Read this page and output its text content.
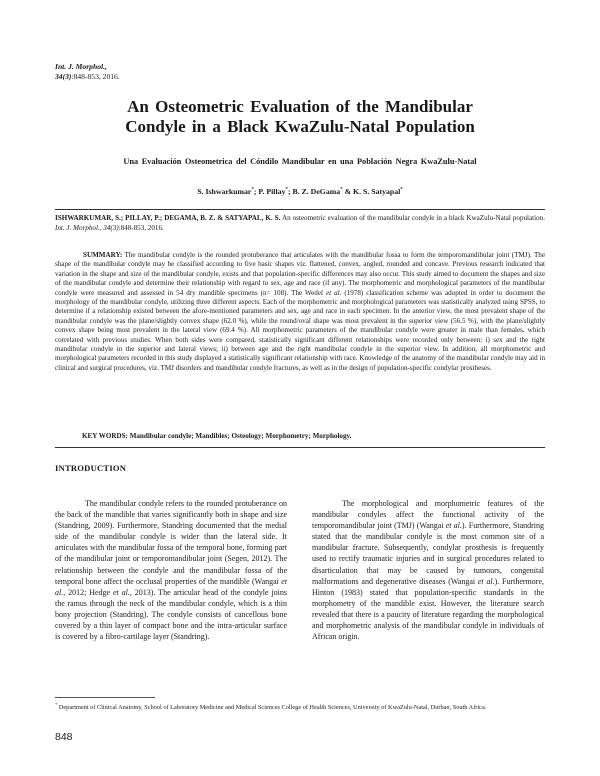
Int. J. Morphol.,
34(3):848-853, 2016.
An Osteometric Evaluation of the Mandibular
Condyle in a Black KwaZulu-Natal Population
Una Evaluación Osteometrica del Cóndilo Mandibular en una Población Negra KwaZulu-Natal
S. Ishwarkumar*; P. Pillay*; B. Z. DeGama* & K. S. Satyapal*
ISHWARKUMAR, S.; PILLAY, P.; DEGAMA, B. Z. & SATYAPAL, K. S. An osteometric evaluation of the mandibular condyle in a black KwaZulu-Natal population. Int. J. Morphol., 34(3):848-853, 2016.
SUMMARY: The mandibular condyle is the rounded protuberance that articulates with the mandibular fossa to form the temporomandibular joint (TMJ). The shape of the mandibular condyle may be classified according to five basic shapes viz. flattened, convex, angled, rounded and concave. Previous research indicated that variation in the shape and size of the mandibular condyle, exists and that population-specific differences may also occur. This study aimed to document the shapes and size of the mandibular condyle and determine their relationship with regard to sex, age and race (if any). The morphometric and morphological parameters of the mandibular condyle were measured and assessed in 54 dry mandible specimens (n= 108). The Wedel et al. (1978) classification scheme was adopted in order to document the morphology of the mandibular condyle, utilizing three different aspects. Each of the morphometric and morphological parameters was statistically analyzed using SPSS, to determine if a relationship existed between the afore-mentioned parameters and sex, age and race in each specimen. In the anterior view, the most prevalent shape of the mandibular condyle was the plane/slightly convex shape (62.0 %), while the round/oval shape was most prevalent in the superior view (56.5 %), with the plane/slightly convex shape being most prevalent in the lateral view (69.4 %). All morphometric parameters of the mandibular condyle were greater in male than females, which correlated with previous studies. When both sides were compared, statistically significant different relationships were recorded only between: i) sex and the right mandibular condyle in the superior and lateral views; ii) between age and the right mandibular condyle in the superior view. In addition, all morphometric and morphological parameters recorded in this study displayed a statistically significant relationship with race. Knowledge of the anatomy of the mandibular condyle may aid in clinical and surgical procedures, viz. TMJ disorders and mandibular condyle fractures, as well as in the design of population-specific condylar prostheses.
KEY WORDS: Mandibular condyle; Mandibles; Osteology; Morphometry; Morphology.
INTRODUCTION
The mandibular condyle refers to the rounded protuberance on the back of the mandible that varies significantly both in shape and size (Standring, 2009). Furthermore, Standring documented that the medial side of the mandibular condyle is wider than the lateral side. It articulates with the mandibular fossa of the temporal bone, forming part of the mandibular joint or temporomandibular joint (Segen, 2012). The relationship between the condyle and the mandibular fossa of the temporal bone affect the occlusal properties of the mandible (Wangai et al., 2012; Hedge et al., 2013). The articular head of the condyle joins the ramus through the neck of the mandibular condyle, which is a thin bony projection (Standring). The condyle consists of cancellous bone covered by a thin layer of compact bone and the intra-articular surface is covered by a fibro-cartilage layer (Standring).
The morphological and morphometric features of the mandibular condyles affect the functional activity of the temporomandibular joint (TMJ) (Wangai et al.). Furthermore, Standring stated that the mandibular condyle is the most common site of a mandibular fracture. Subsequently, condylar prosthesis is frequently used to rectify traumatic injuries and in surgical procedures related to disarticulation that may be caused by tumours, congenital malformations and degenerative diseases (Wangai et al.). Furthermore, Hinton (1983) stated that population-specific standards in the morphometry of the mandible exist. However, the literature search revealed that there is a paucity of literature regarding the morphological and morphometric analysis of the mandibular condyle in individuals of African origin.
* Department of Clinical Anatomy, School of Laboratory Medicine and Medical Sciences College of Health Sciences, University of KwaZulu-Natal, Durban, South Africa.
848
